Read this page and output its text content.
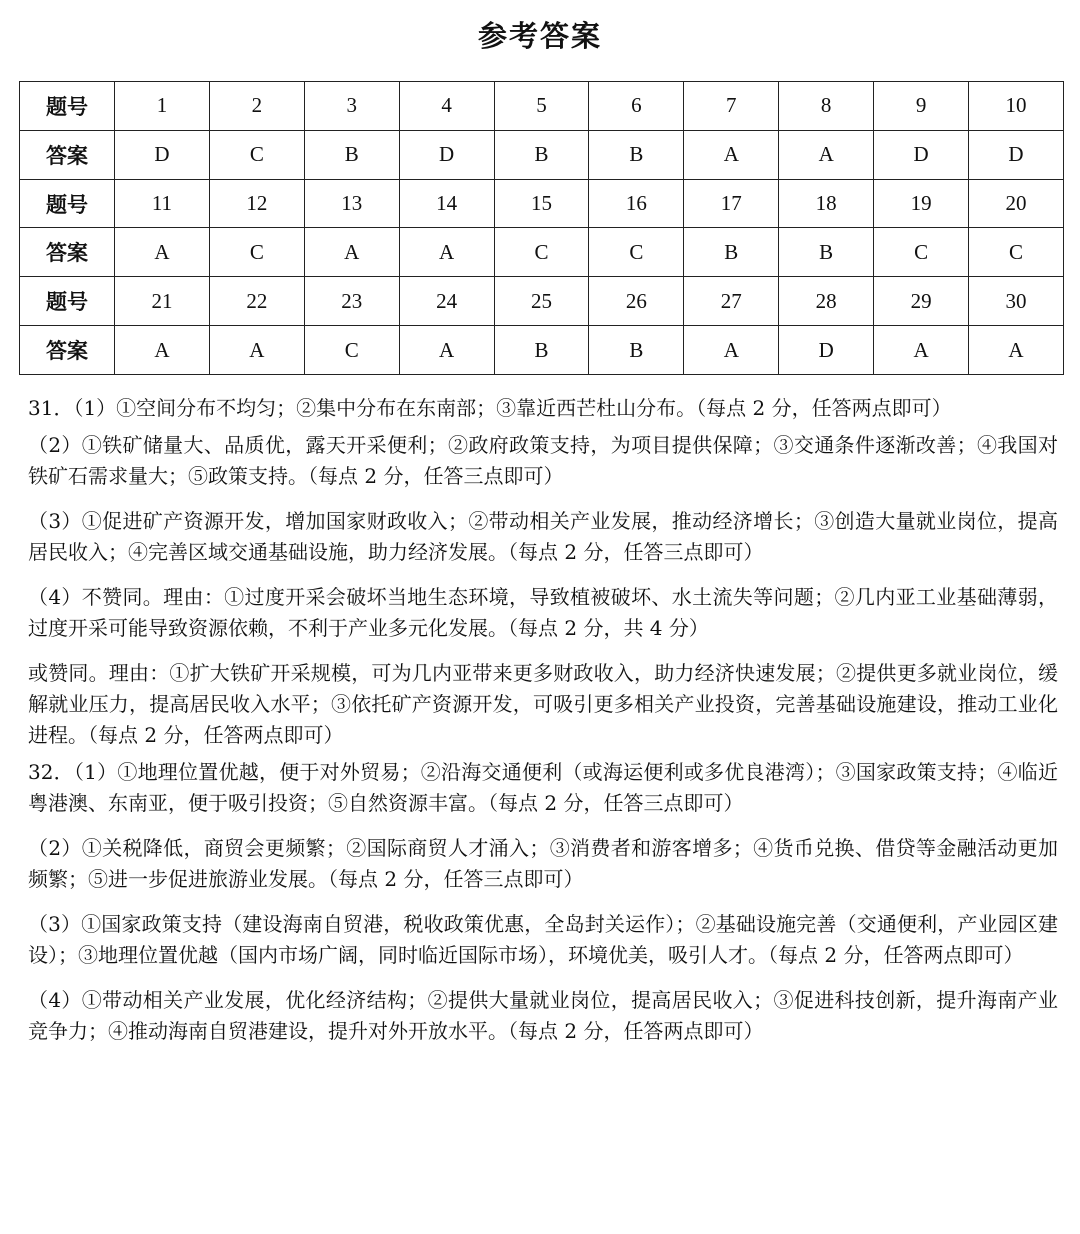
参考答案
题号	1	2	3	4	5	6	7	8	9	10
答案	D	C	B	D	B	B	A	A	D	D
题号	11	12	13	14	15	16	17	18	19	20
答案	A	C	A	A	C	C	B	B	C	C
题号	21	22	23	24	25	26	27	28	29	30
答案	A	A	C	A	B	B	A	D	A	A

31．（1）①空间分布不均匀；②集中分布在东南部；③靠近西芒杜山分布。（每点 2 分，任答两点即可）

（2）①铁矿储量大、品质优，露天开采便利；②政府政策支持，为项目提供保障；③交通条件逐渐改善；④我国对铁矿石需求量大；⑤政策支持。（每点 2 分，任答三点即可）

（3）①促进矿产资源开发，增加国家财政收入；②带动相关产业发展，推动经济增长；③创造大量就业岗位，提高居民收入；④完善区域交通基础设施，助力经济发展。（每点 2 分，任答三点即可）

（4）不赞同。理由：①过度开采会破坏当地生态环境，导致植被破坏、水土流失等问题；②几内亚工业基础薄弱，过度开采可能导致资源依赖，不利于产业多元化发展。（每点 2 分，共 4 分）

或赞同。理由：①扩大铁矿开采规模，可为几内亚带来更多财政收入，助力经济快速发展；②提供更多就业岗位，缓解就业压力，提高居民收入水平；③依托矿产资源开发，可吸引更多相关产业投资，完善基础设施建设，推动工业化进程。（每点 2 分，任答两点即可）

32．（1）①地理位置优越，便于对外贸易；②沿海交通便利（或海运便利或多优良港湾）；③国家政策支持；④临近粤港澳、东南亚，便于吸引投资；⑤自然资源丰富。（每点 2 分，任答三点即可）

（2）①关税降低，商贸会更频繁；②国际商贸人才涌入；③消费者和游客增多；④货币兑换、借贷等金融活动更加频繁；⑤进一步促进旅游业发展。（每点 2 分，任答三点即可）

（3）①国家政策支持（建设海南自贸港，税收政策优惠，全岛封关运作）；②基础设施完善（交通便利，产业园区建设）；③地理位置优越（国内市场广阔，同时临近国际市场），环境优美，吸引人才。（每点 2 分，任答两点即可）

（4）①带动相关产业发展，优化经济结构；②提供大量就业岗位，提高居民收入；③促进科技创新，提升海南产业竞争力；④推动海南自贸港建设，提升对外开放水平。（每点 2 分，任答两点即可）
